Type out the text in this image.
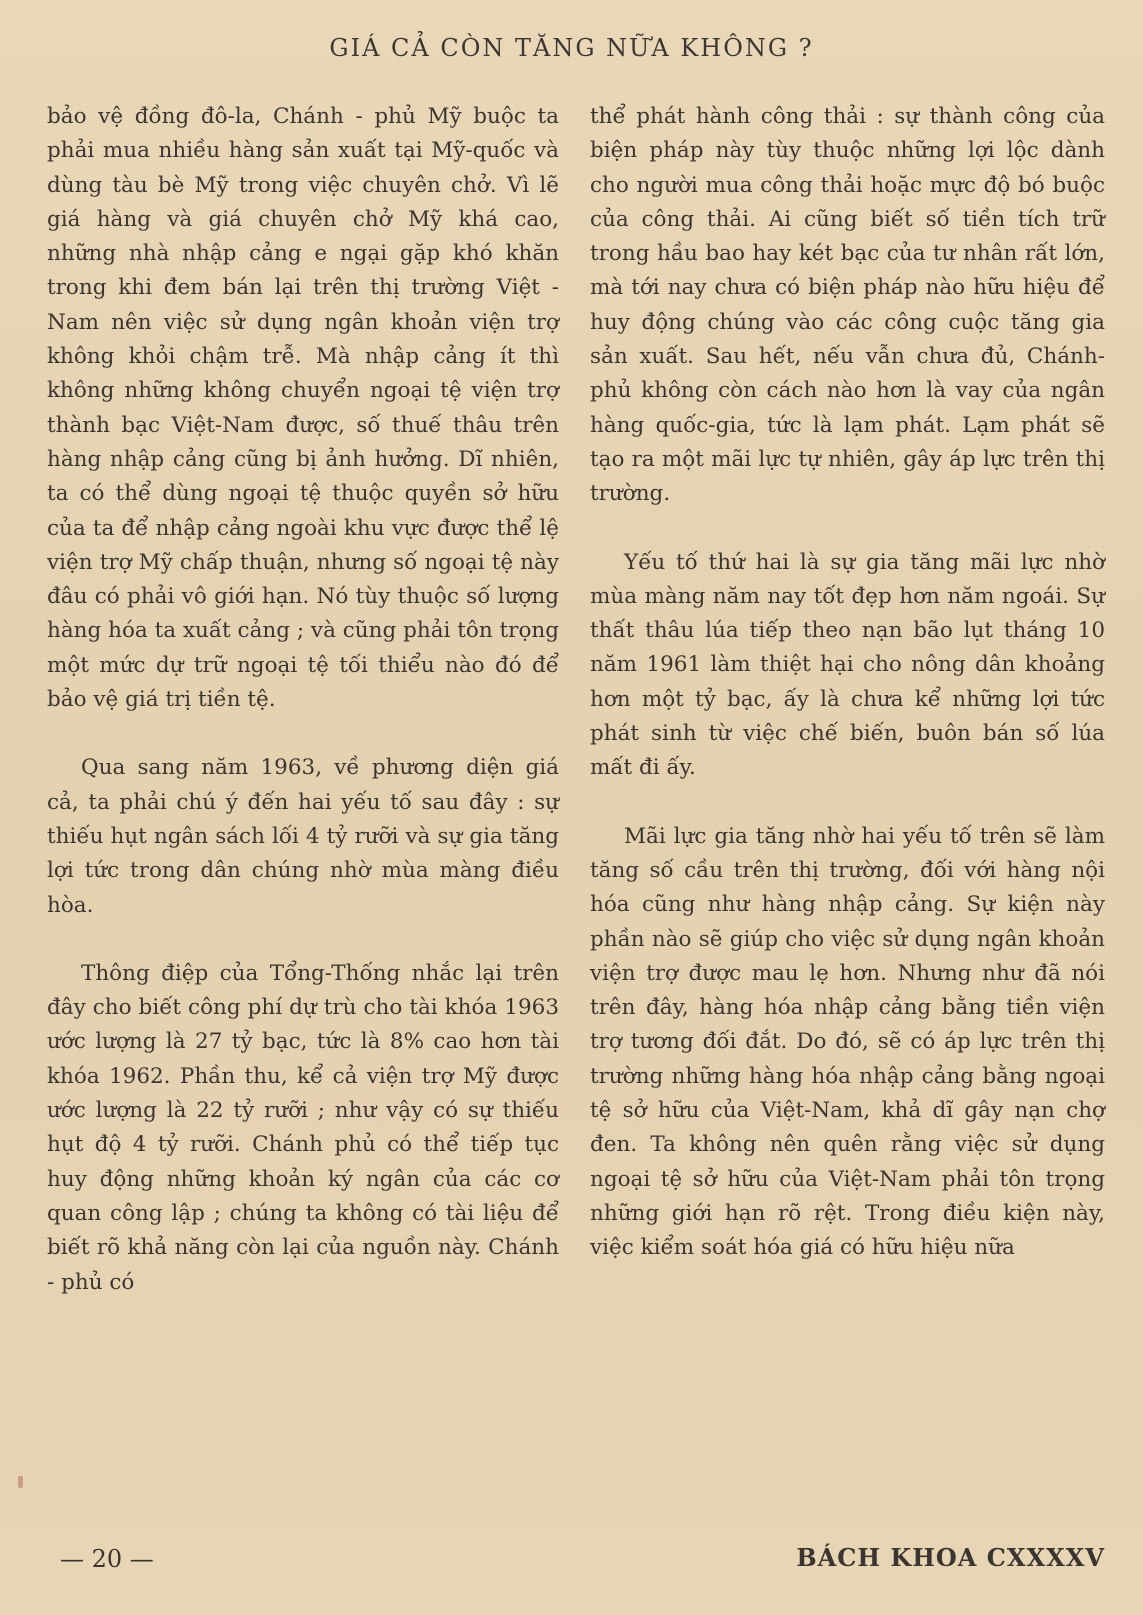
GIÁ CẢ CÒN TĂNG NỮA KHÔNG ?

bảo vệ đồng đô-la, Chánh - phủ Mỹ buộc ta phải mua nhiều hàng sản xuất tại Mỹ-quốc và dùng tàu bè Mỹ trong việc chuyên chở. Vì lẽ giá hàng và giá chuyên chở Mỹ khá cao, những nhà nhập cảng e ngại gặp khó khăn trong khi đem bán lại trên thị trường Việt - Nam nên việc sử dụng ngân khoản viện trợ không khỏi chậm trễ. Mà nhập cảng ít thì không những không chuyển ngoại tệ viện trợ thành bạc Việt-Nam được, số thuế thâu trên hàng nhập cảng cũng bị ảnh hưởng. Dĩ nhiên, ta có thể dùng ngoại tệ thuộc quyền sở hữu của ta để nhập cảng ngoài khu vực được thể lệ viện trợ Mỹ chấp thuận, nhưng số ngoại tệ này đâu có phải vô giới hạn. Nó tùy thuộc số lượng hàng hóa ta xuất cảng ; và cũng phải tôn trọng một mức dự trữ ngoại tệ tối thiểu nào đó để bảo vệ giá trị tiền tệ.

Qua sang năm 1963, về phương diện giá cả, ta phải chú ý đến hai yếu tố sau đây : sự thiếu hụt ngân sách lối 4 tỷ rưỡi và sự gia tăng lợi tức trong dân chúng nhờ mùa màng điều hòa.

Thông điệp của Tổng-Thống nhắc lại trên đây cho biết công phí dự trù cho tài khóa 1963 ước lượng là 27 tỷ bạc, tức là 8% cao hơn tài khóa 1962. Phần thu, kể cả viện trợ Mỹ được ước lượng là 22 tỷ rưỡi ; như vậy có sự thiếu hụt độ 4 tỷ rưỡi. Chánh phủ có thể tiếp tục huy động những khoản ký ngân của các cơ quan công lập ; chúng ta không có tài liệu để biết rõ khả năng còn lại của nguồn này. Chánh - phủ có

thể phát hành công thải : sự thành công của biện pháp này tùy thuộc những lợi lộc dành cho người mua công thải hoặc mực độ bó buộc của công thải. Ai cũng biết số tiền tích trữ trong hầu bao hay két bạc của tư nhân rất lớn, mà tới nay chưa có biện pháp nào hữu hiệu để huy động chúng vào các công cuộc tăng gia sản xuất. Sau hết, nếu vẫn chưa đủ, Chánh-phủ không còn cách nào hơn là vay của ngân hàng quốc-gia, tức là lạm phát. Lạm phát sẽ tạo ra một mãi lực tự nhiên, gây áp lực trên thị trường.

Yếu tố thứ hai là sự gia tăng mãi lực nhờ mùa màng năm nay tốt đẹp hơn năm ngoái. Sự thất thâu lúa tiếp theo nạn bão lụt tháng 10 năm 1961 làm thiệt hại cho nông dân khoảng hơn một tỷ bạc, ấy là chưa kể những lợi tức phát sinh từ việc chế biến, buôn bán số lúa mất đi ấy.

Mãi lực gia tăng nhờ hai yếu tố trên sẽ làm tăng số cầu trên thị trường, đối với hàng nội hóa cũng như hàng nhập cảng. Sự kiện này phần nào sẽ giúp cho việc sử dụng ngân khoản viện trợ được mau lẹ hơn. Nhưng như đã nói trên đây, hàng hóa nhập cảng bằng tiền viện trợ tương đối đắt. Do đó, sẽ có áp lực trên thị trường những hàng hóa nhập cảng bằng ngoại tệ sở hữu của Việt-Nam, khả dĩ gây nạn chợ đen. Ta không nên quên rằng việc sử dụng ngoại tệ sở hữu của Việt-Nam phải tôn trọng những giới hạn rõ rệt. Trong điều kiện này, việc kiểm soát hóa giá có hữu hiệu nữa

— 20 —	BÁCH KHOA CXXXXV
